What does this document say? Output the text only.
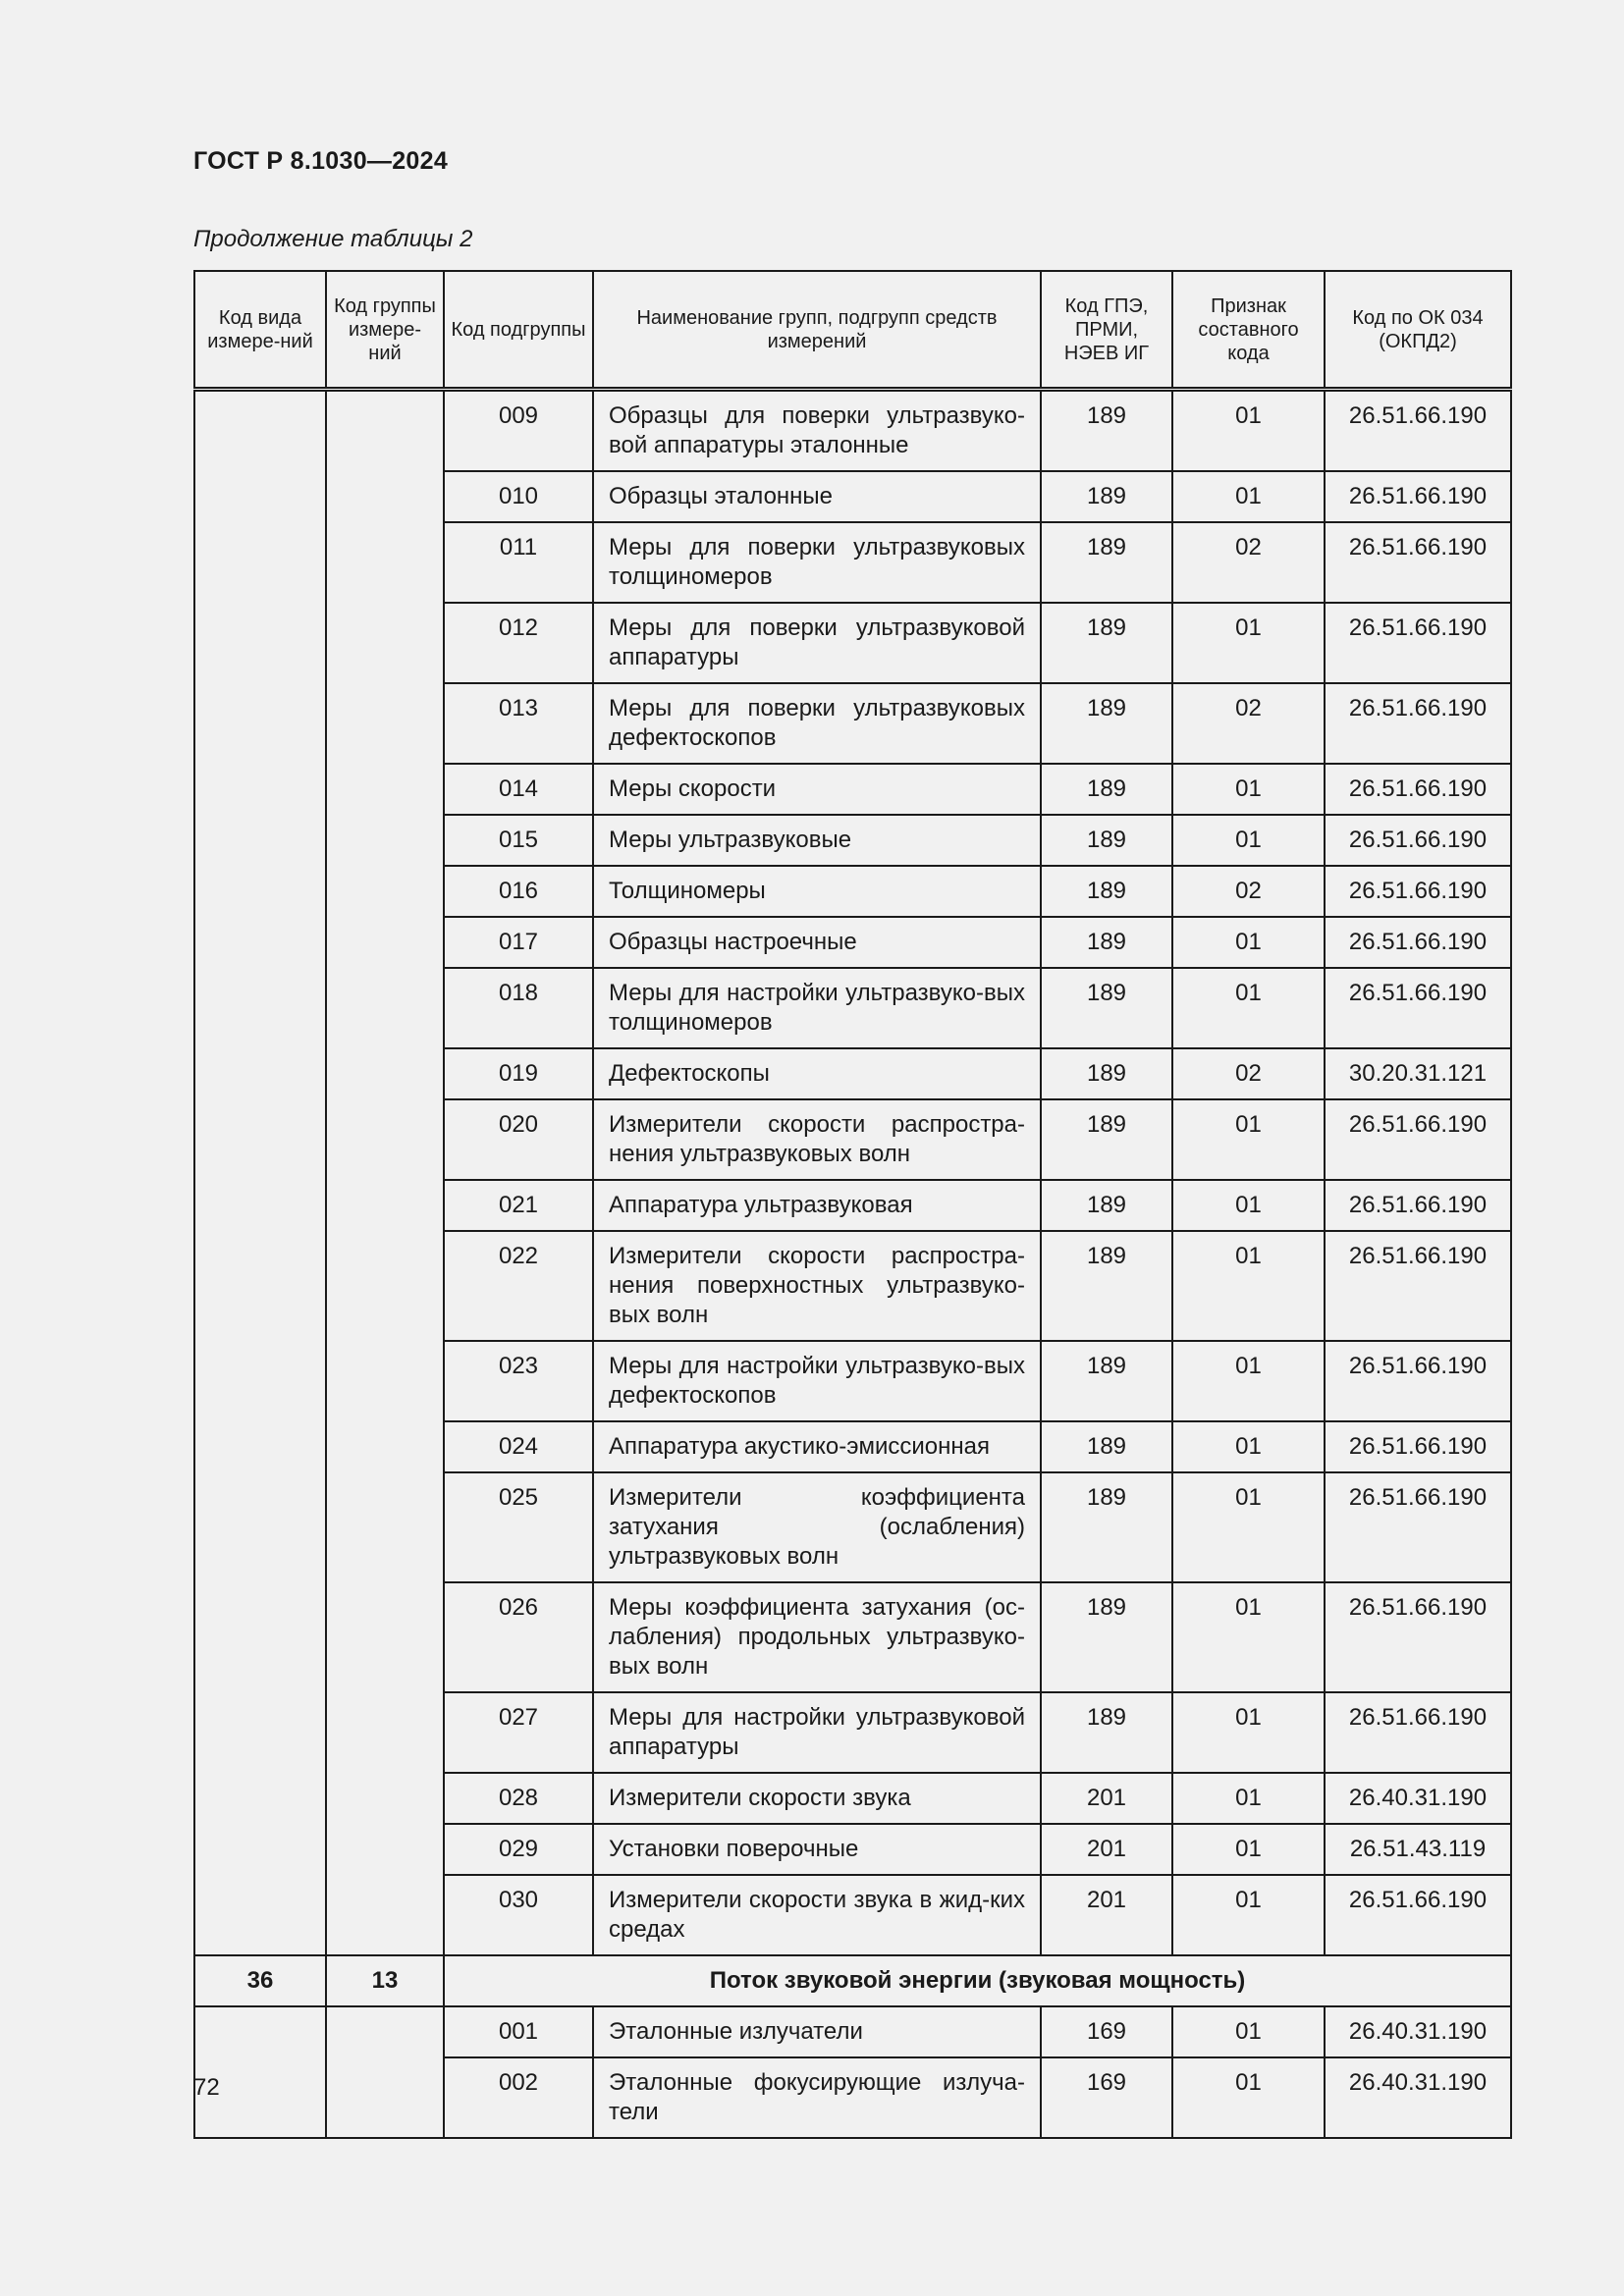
ГОСТ Р 8.1030—2024
Продолжение таблицы 2
Код вида измере-ний	Код группы измере-ний	Код подгруппы	Наименование групп, подгрупп средств измерений	Код ГПЭ, ПРМИ, НЭЕВ ИГ	Признак составного кода	Код по ОК 034 (ОКПД2)
		009	Образцы для поверки ультразвуко-вой аппаратуры эталонные	189	01	26.51.66.190
		010	Образцы эталонные	189	01	26.51.66.190
		011	Меры для поверки ультразвуковых толщиномеров	189	02	26.51.66.190
		012	Меры для поверки ультразвуковой аппаратуры	189	01	26.51.66.190
		013	Меры для поверки ультразвуковых дефектоскопов	189	02	26.51.66.190
		014	Меры скорости	189	01	26.51.66.190
		015	Меры ультразвуковые	189	01	26.51.66.190
		016	Толщиномеры	189	02	26.51.66.190
		017	Образцы настроечные	189	01	26.51.66.190
		018	Меры для настройки ультразвуко-вых толщиномеров	189	01	26.51.66.190
		019	Дефектоскопы	189	02	30.20.31.121
		020	Измерители скорости распростра-нения ультразвуковых волн	189	01	26.51.66.190
		021	Аппаратура ультразвуковая	189	01	26.51.66.190
		022	Измерители скорости распростра-нения поверхностных ультразвуко-вых волн	189	01	26.51.66.190
		023	Меры для настройки ультразвуко-вых дефектоскопов	189	01	26.51.66.190
		024	Аппаратура акустико-эмиссионная	189	01	26.51.66.190
		025	Измерители коэффициента затухания (ослабления) ультразвуковых волн	189	01	26.51.66.190
		026	Меры коэффициента затухания (ос-лабления) продольных ультразвуко-вых волн	189	01	26.51.66.190
		027	Меры для настройки ультразвуковой аппаратуры	189	01	26.51.66.190
		028	Измерители скорости звука	201	01	26.40.31.190
		029	Установки поверочные	201	01	26.51.43.119
		030	Измерители скорости звука в жид-ких средах	201	01	26.51.66.190
36	13	Поток звуковой энергии (звуковая мощность)				
		001	Эталонные излучатели	169	01	26.40.31.190
		002	Эталонные фокусирующие излуча-тели	169	01	26.40.31.190
72
